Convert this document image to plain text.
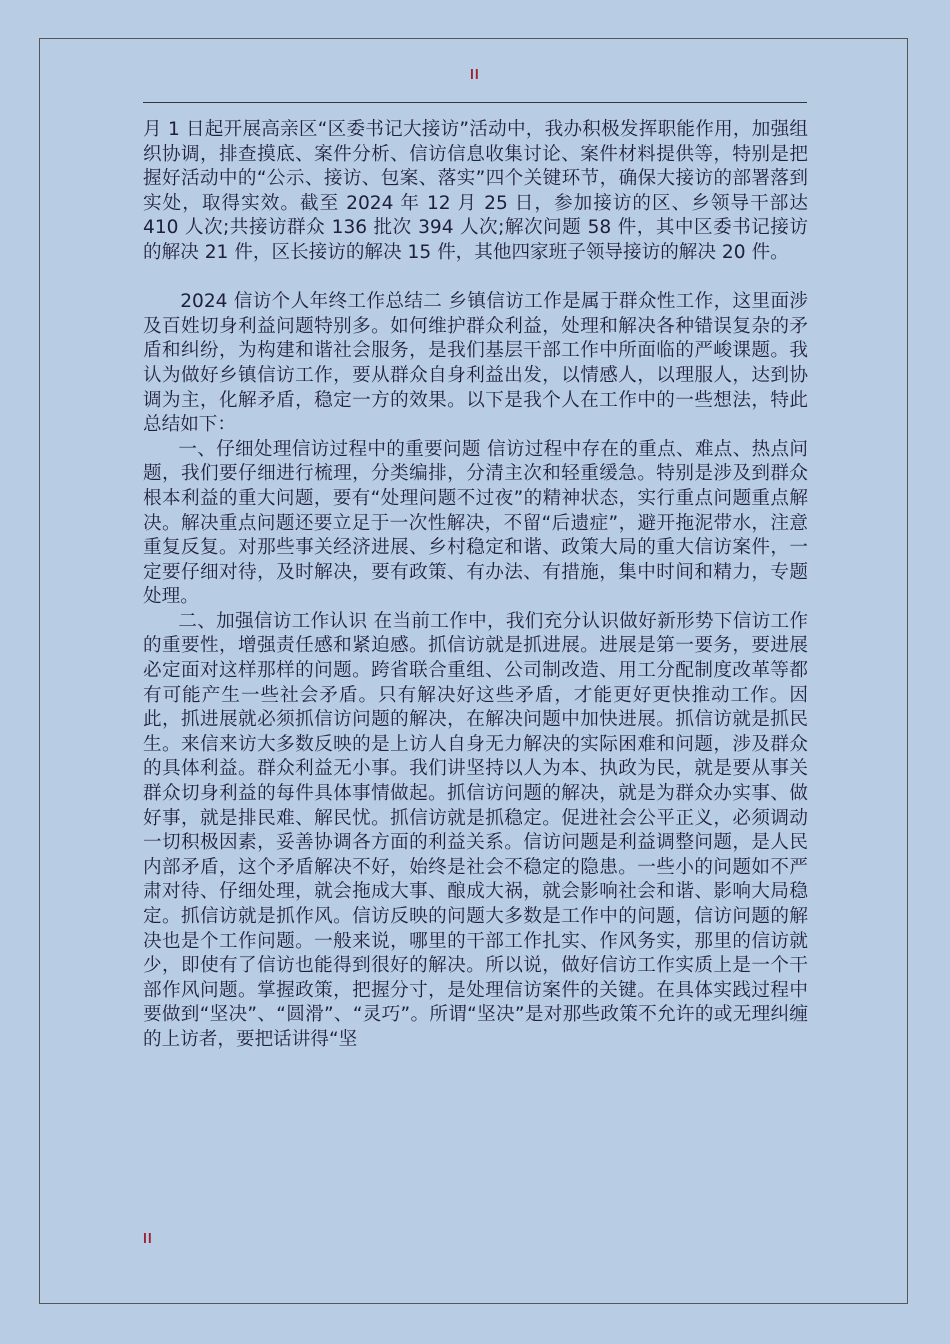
ll

月 1 日起开展高亲区“区委书记大接访”活动中，我办积极发挥职能作用，加强组织协调，排查摸底、案件分析、信访信息收集讨论、案件材料提供等，特别是把握好活动中的“公示、接访、包案、落实”四个关键环节，确保大接访的部署落到实处，取得实效。截至 2024 年 12 月 25 日，参加接访的区、乡领导干部达 410 人次;共接访群众 136 批次 394 人次;解次问题 58 件，其中区委书记接访的解决 21 件，区长接访的解决 15 件，其他四家班子领导接访的解决 20 件。

2024 信访个人年终工作总结二 乡镇信访工作是属于群众性工作，这里面涉及百姓切身利益问题特别多。如何维护群众利益，处理和解决各种错误复杂的矛盾和纠纷，为构建和谐社会服务，是我们基层干部工作中所面临的严峻课题。我认为做好乡镇信访工作，要从群众自身利益出发，以情感人，以理服人，达到协调为主，化解矛盾，稳定一方的效果。以下是我个人在工作中的一些想法，特此总结如下：

一、仔细处理信访过程中的重要问题 信访过程中存在的重点、难点、热点问题，我们要仔细进行梳理，分类编排，分清主次和轻重缓急。特别是涉及到群众根本利益的重大问题，要有“处理问题不过夜”的精神状态，实行重点问题重点解决。解决重点问题还要立足于一次性解决，不留“后遗症”，避开拖泥带水，注意重复反复。对那些事关经济进展、乡村稳定和谐、政策大局的重大信访案件，一定要仔细对待，及时解决，要有政策、有办法、有措施，集中时间和精力，专题处理。

二、加强信访工作认识 在当前工作中，我们充分认识做好新形势下信访工作的重要性，增强责任感和紧迫感。抓信访就是抓进展。进展是第一要务，要进展必定面对这样那样的问题。跨省联合重组、公司制改造、用工分配制度改革等都有可能产生一些社会矛盾。只有解决好这些矛盾，才能更好更快推动工作。因此，抓进展就必须抓信访问题的解决，在解决问题中加快进展。抓信访就是抓民生。来信来访大多数反映的是上访人自身无力解决的实际困难和问题，涉及群众的具体利益。群众利益无小事。我们讲坚持以人为本、执政为民，就是要从事关群众切身利益的每件具体事情做起。抓信访问题的解决，就是为群众办实事、做好事，就是排民难、解民忧。抓信访就是抓稳定。促进社会公平正义，必须调动一切积极因素，妥善协调各方面的利益关系。信访问题是利益调整问题，是人民内部矛盾，这个矛盾解决不好，始终是社会不稳定的隐患。一些小的问题如不严肃对待、仔细处理，就会拖成大事、酿成大祸，就会影响社会和谐、影响大局稳定。抓信访就是抓作风。信访反映的问题大多数是工作中的问题，信访问题的解决也是个工作问题。一般来说，哪里的干部工作扎实、作风务实，那里的信访就少，即使有了信访也能得到很好的解决。所以说，做好信访工作实质上是一个干部作风问题。掌握政策，把握分寸，是处理信访案件的关键。在具体实践过程中要做到“坚决”、“圆滑”、“灵巧”。所谓“坚决”是对那些政策不允许的或无理纠缠的上访者，要把话讲得“坚

ll
